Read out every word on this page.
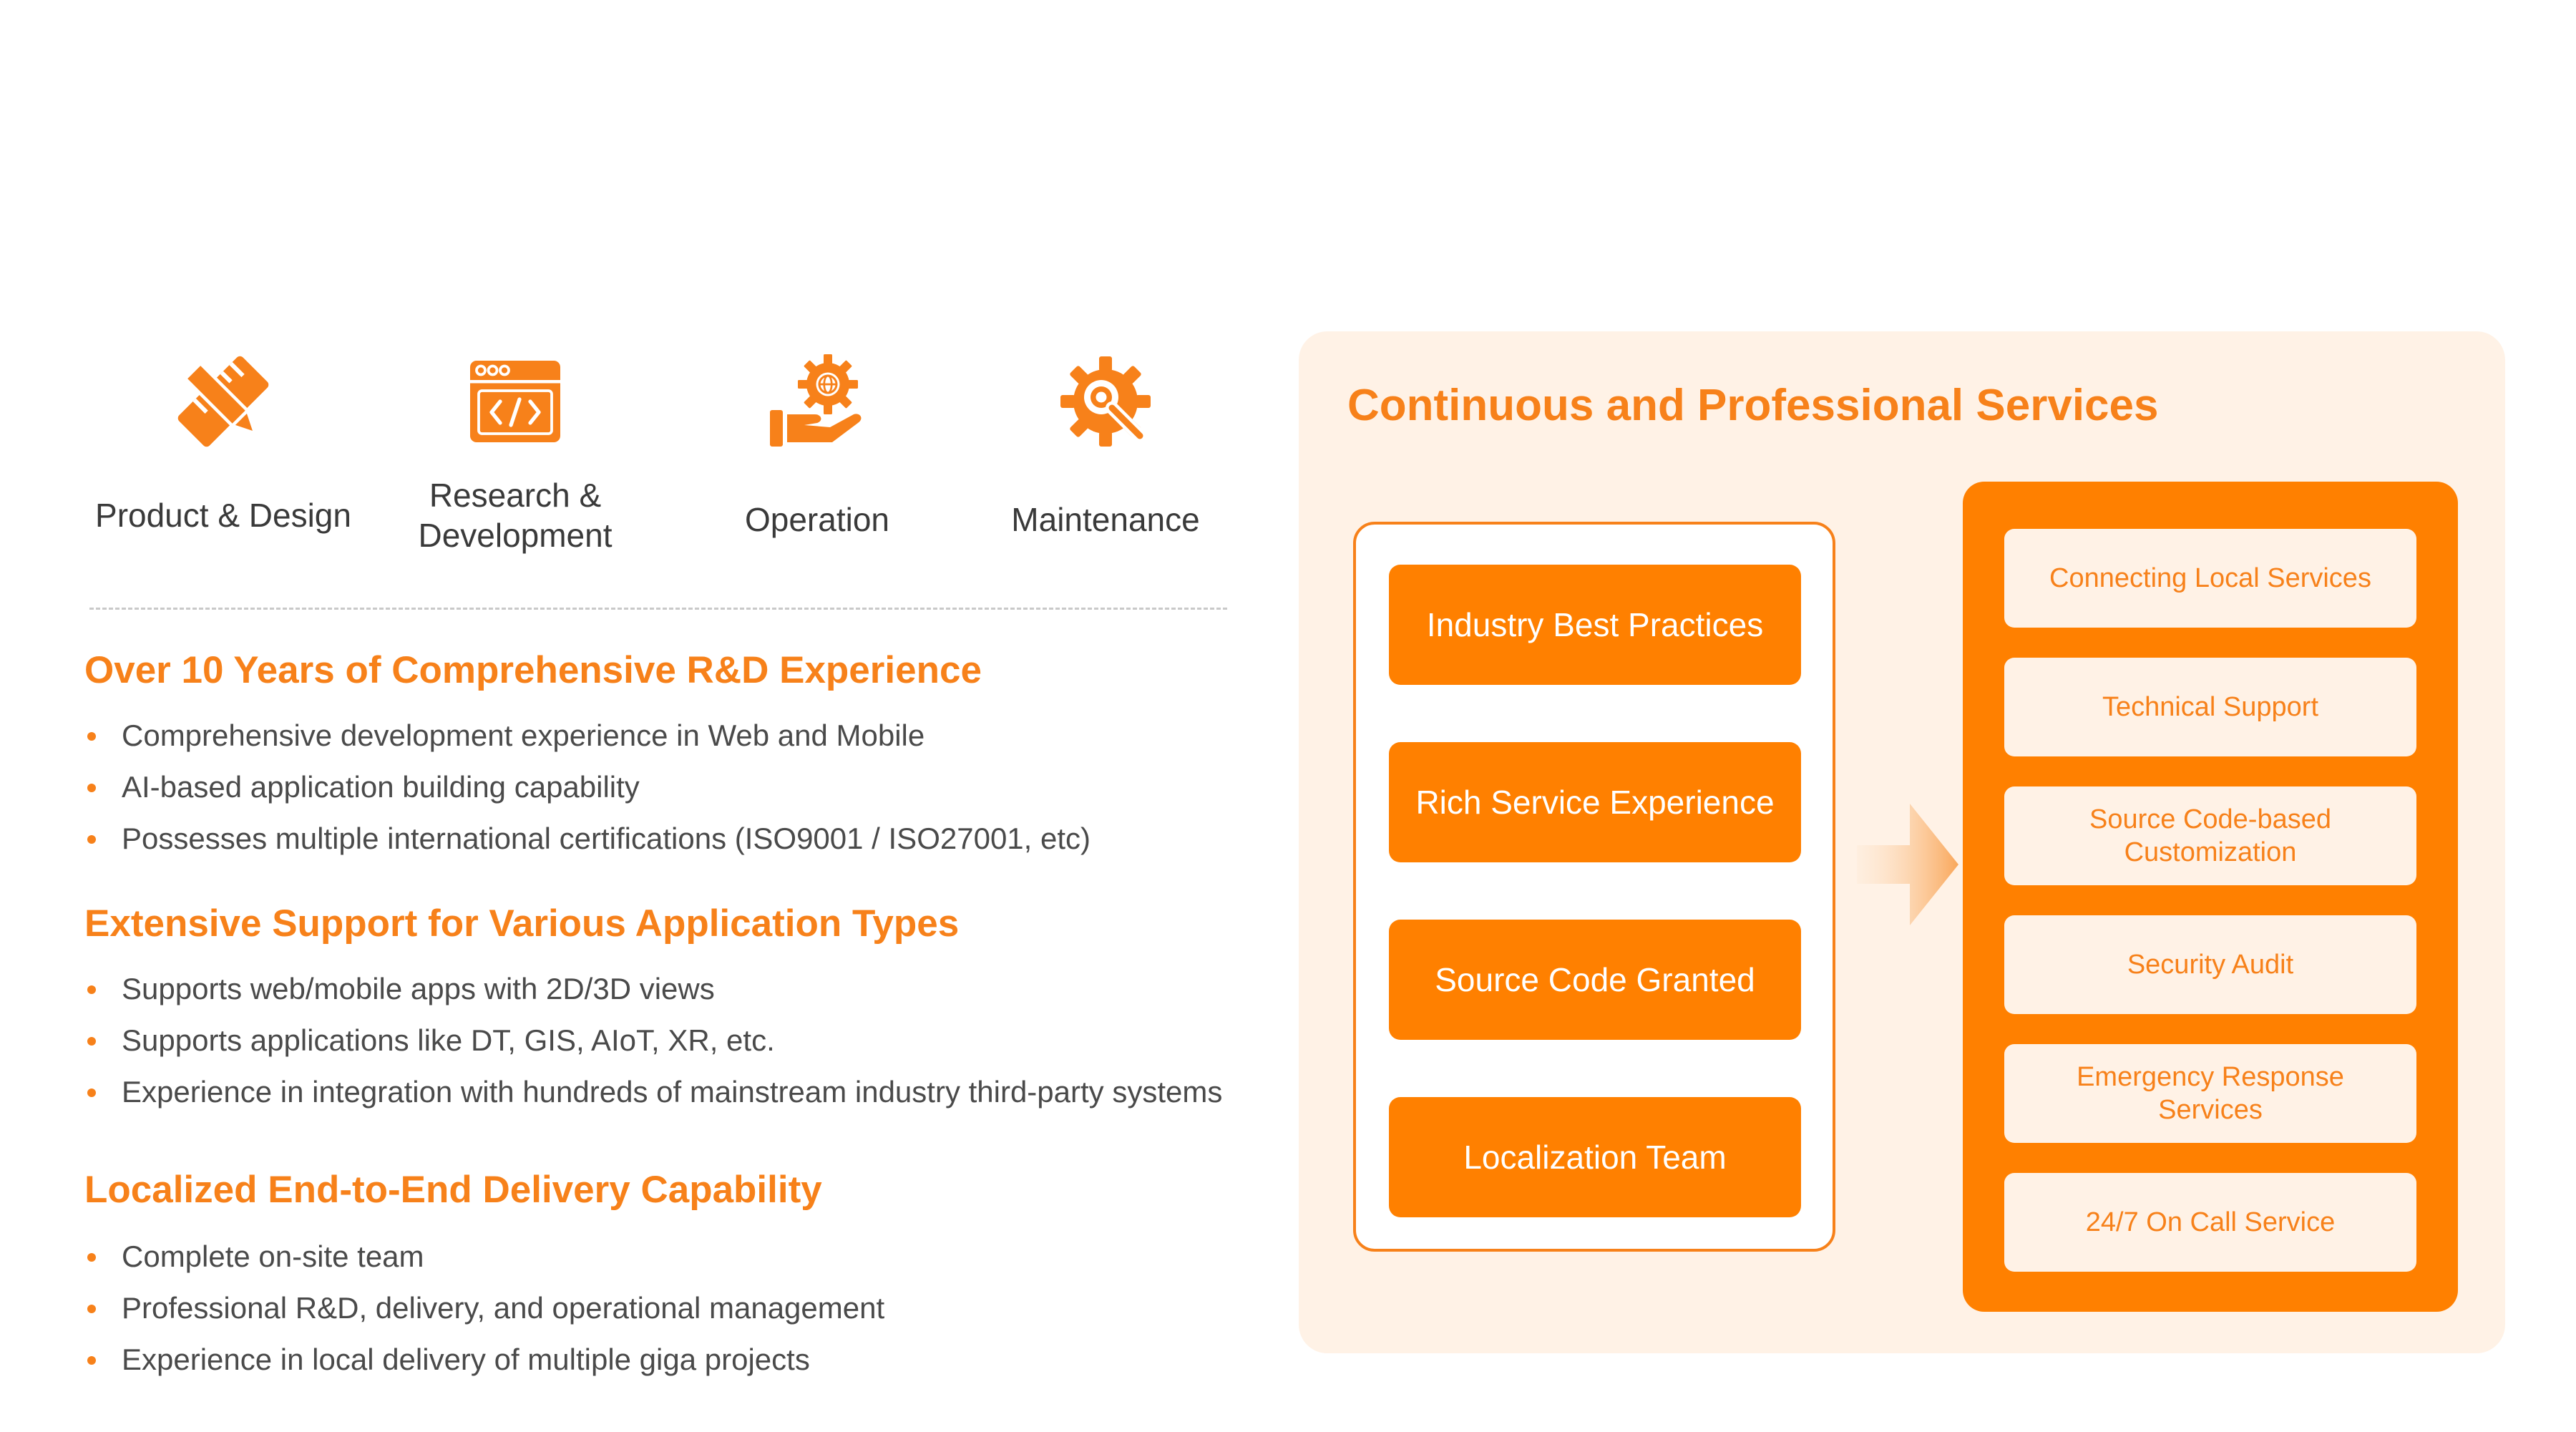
Product & Design
Research &
Development	Operation	Maintenance
Over 10 Years of Comprehensive R&D Experience
Comprehensive development experience in Web and Mobile
AI-based application building capability
Possesses multiple international certifications (ISO9001 / ISO27001, etc)
Extensive Support for Various Application Types
Supports web/mobile apps with 2D/3D views
Supports applications like DT, GIS, AIoT, XR, etc.
Experience in integration with hundreds of mainstream industry third-party systems
Localized End-to-End Delivery Capability
Complete on-site team
Professional R&D, delivery, and operational management
Experience in local delivery of multiple giga projects
Continuous and Professional Services
Industry Best Practices
Rich Service Experience
Source Code Granted
Localization Team
Connecting Local Services
Technical Support
Source Code-based Customization
Security Audit
Emergency Response Services
24/7 On Call Service
